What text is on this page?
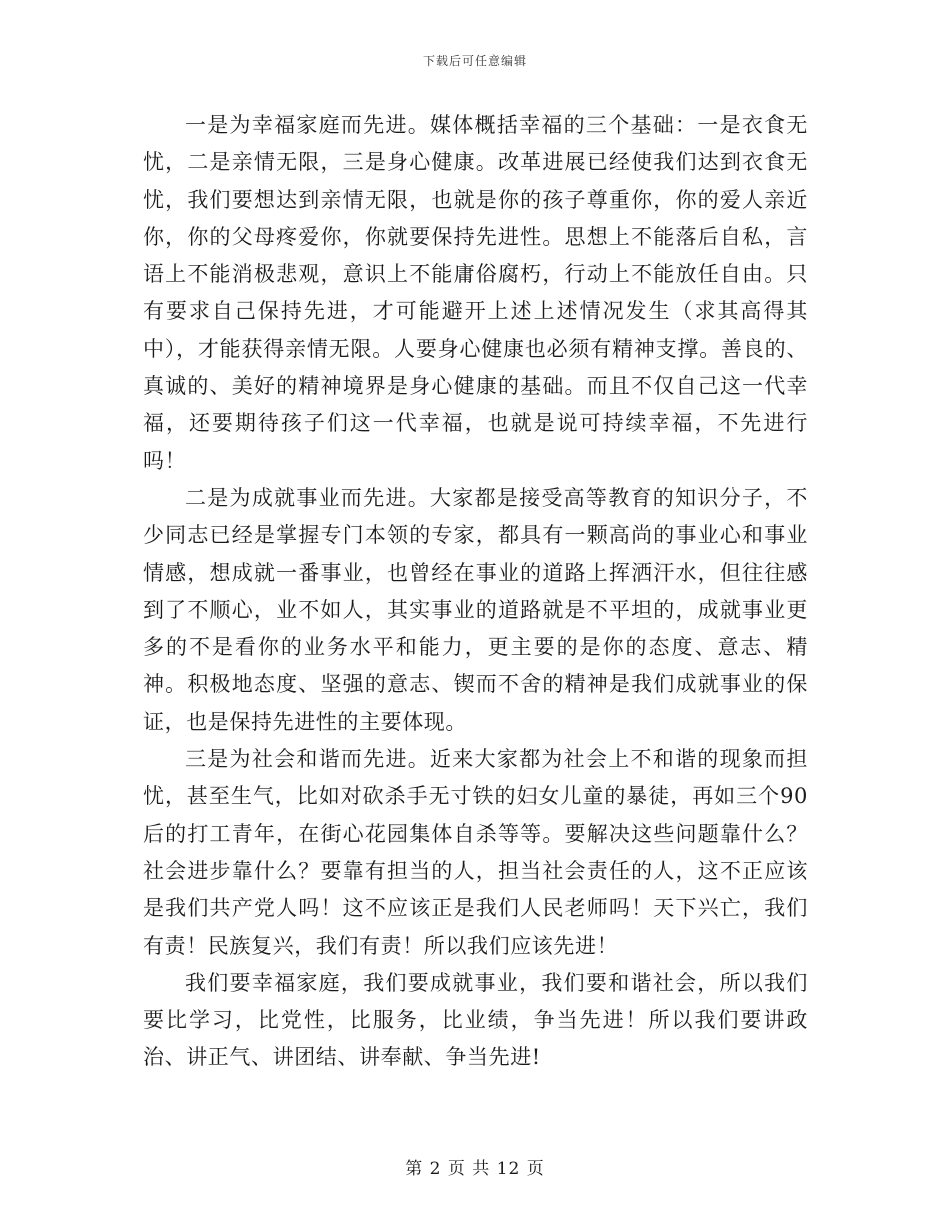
下载后可任意编辑

一是为幸福家庭而先进。媒体概括幸福的三个基础：一是衣食无忧，二是亲情无限，三是身心健康。改革进展已经使我们达到衣食无忧，我们要想达到亲情无限，也就是你的孩子尊重你，你的爱人亲近你，你的父母疼爱你，你就要保持先进性。思想上不能落后自私，言语上不能消极悲观，意识上不能庸俗腐朽，行动上不能放任自由。只有要求自己保持先进，才可能避开上述上述情况发生（求其高得其中），才能获得亲情无限。人要身心健康也必须有精神支撑。善良的、真诚的、美好的精神境界是身心健康的基础。而且不仅自己这一代幸福，还要期待孩子们这一代幸福，也就是说可持续幸福，不先进行吗！

二是为成就事业而先进。大家都是接受高等教育的知识分子，不少同志已经是掌握专门本领的专家，都具有一颗高尚的事业心和事业情感，想成就一番事业，也曾经在事业的道路上挥洒汗水，但往往感到了不顺心，业不如人，其实事业的道路就是不平坦的，成就事业更多的不是看你的业务水平和能力，更主要的是你的态度、意志、精神。积极地态度、坚强的意志、锲而不舍的精神是我们成就事业的保证，也是保持先进性的主要体现。

三是为社会和谐而先进。近来大家都为社会上不和谐的现象而担忧，甚至生气，比如对砍杀手无寸铁的妇女儿童的暴徒，再如三个90后的打工青年，在街心花园集体自杀等等。要解决这些问题靠什么？社会进步靠什么？要靠有担当的人，担当社会责任的人，这不正应该是我们共产党人吗！这不应该正是我们人民老师吗！天下兴亡，我们有责！民族复兴，我们有责！所以我们应该先进！

我们要幸福家庭，我们要成就事业，我们要和谐社会，所以我们要比学习，比党性，比服务，比业绩，争当先进！所以我们要讲政治、讲正气、讲团结、讲奉献、争当先进!

第 2 页 共 12 页
